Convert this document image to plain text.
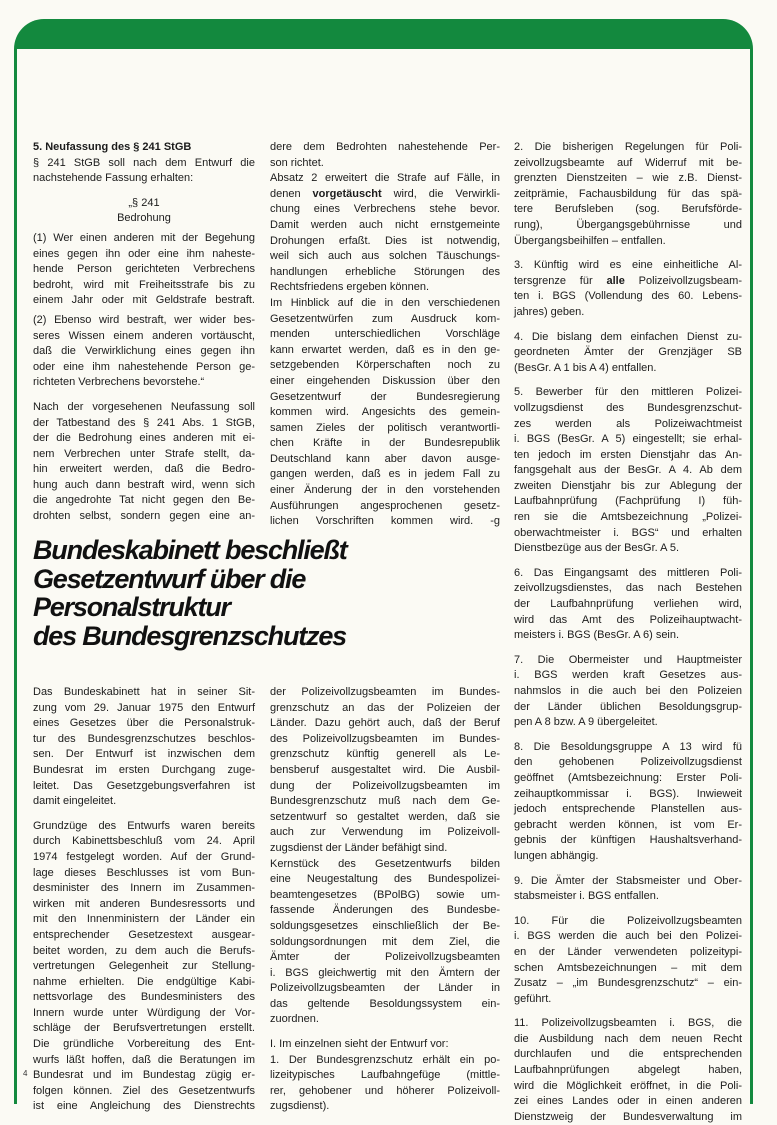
5. Neufassung des § 241 StGB
§ 241 StGB soll nach dem Entwurf die
nachstehende Fassung erhalten:
„§ 241
Bedrohung
(1) Wer einen anderen mit der Begehung
eines gegen ihn oder eine ihm naheste-
hende Person gerichteten Verbrechens
bedroht, wird mit Freiheitsstrafe bis zu
einem Jahr oder mit Geldstrafe bestraft.
(2) Ebenso wird bestraft, wer wider bes-
seres Wissen einem anderen vortäuscht,
daß die Verwirklichung eines gegen ihn
oder eine ihm nahestehende Person ge-
richteten Verbrechens bevorstehe.“
Nach der vorgesehenen Neufassung soll
der Tatbestand des § 241 Abs. 1 StGB,
der die Bedrohung eines anderen mit ei-
nem Verbrechen unter Strafe stellt, da-
hin erweitert werden, daß die Bedro-
hung auch dann bestraft wird, wenn sich
die angedrohte Tat nicht gegen den Be-
drohten selbst, sondern gegen eine an-
dere dem Bedrohten nahestehende Per-
son richtet.
Absatz 2 erweitert die Strafe auf Fälle, in
denen vorgetäuscht wird, die Verwirkli-
chung eines Verbrechens stehe bevor.
Damit werden auch nicht ernstgemeinte
Drohungen erfaßt. Dies ist notwendig,
weil sich auch aus solchen Täuschungs-
handlungen erhebliche Störungen des
Rechtsfriedens ergeben können.
Im Hinblick auf die in den verschiedenen
Gesetzentwürfen zum Ausdruck kom-
menden unterschiedlichen Vorschläge
kann erwartet werden, daß es in den ge-
setzgebenden Körperschaften noch zu
einer eingehenden Diskussion über den
Gesetzentwurf der Bundesregierung
kommen wird. Angesichts des gemein-
samen Zieles der politisch verantwortli-
chen Kräfte in der Bundesrepublik
Deutschland kann aber davon ausge-
gangen werden, daß es in jedem Fall zu
einer Änderung der in den vorstehenden
Ausführungen angesprochenen gesetz-
lichen Vorschriften kommen wird. -g
2. Die bisherigen Regelungen für Poli-
zeivollzugsbeamte auf Widerruf mit be-
grenzten Dienstzeiten – wie z.B. Dienst-
zeitprämie, Fachausbildung für das spä-
tere Berufsleben (sog. Berufsförde-
rung), Übergangsgebührnisse und
Übergangsbeihilfen – entfallen.
3. Künftig wird es eine einheitliche Al-
tersgrenze für alle Polizeivollzugsbeam-
ten i. BGS (Vollendung des 60. Lebens-
jahres) geben.
4. Die bislang dem einfachen Dienst zu-
geordneten Ämter der Grenzjäger SB
(BesGr. A 1 bis A 4) entfallen.
5. Bewerber für den mittleren Polizei-
vollzugsdienst des Bundesgrenzschut-
zes werden als Polizeiwachtmeist
i. BGS (BesGr. A 5) eingestellt; sie erhal-
ten jedoch im ersten Dienstjahr das An-
fangsgehalt aus der BesGr. A 4. Ab dem
zweiten Dienstjahr bis zur Ablegung der
Laufbahnprüfung (Fachprüfung I) füh-
ren sie die Amtsbezeichnung „Polizei-
oberwachtmeister i. BGS“ und erhalten
Dienstbezüge aus der BesGr. A 5.
6. Das Eingangsamt des mittleren Poli-
zeivollzugsdienstes, das nach Bestehen
der Laufbahnprüfung verliehen wird,
wird das Amt des Polizeihauptwacht-
meisters i. BGS (BesGr. A 6) sein.
7. Die Obermeister und Hauptmeister
i. BGS werden kraft Gesetzes aus-
nahmslos in die auch bei den Polizeien
der Länder üblichen Besoldungsgrup-
pen A 8 bzw. A 9 übergeleitet.
8. Die Besoldungsgruppe A 13 wird fü
den gehobenen Polizeivollzugsdienst
geöffnet (Amtsbezeichnung: Erster Poli-
zeihauptkommissar i. BGS). Inwieweit
jedoch entsprechende Planstellen aus-
gebracht werden können, ist vom Er-
gebnis der künftigen Haushaltsverhand-
lungen abhängig.
9. Die Ämter der Stabsmeister und Ober-
stabsmeister i. BGS entfallen.
10. Für die Polizeivollzugsbeamten
i. BGS werden die auch bei den Polizei-
en der Länder verwendeten polizeitypi-
schen Amtsbezeichnungen – mit dem
Zusatz – „im Bundesgrenzschutz“ – ein-
geführt.
11. Polizeivollzugsbeamten i. BGS, die
die Ausbildung nach dem neuen Recht
durchlaufen und die entsprechenden
Laufbahnprüfungen abgelegt haben,
wird die Möglichkeit eröffnet, in die Poli-
zei eines Landes oder in einen anderen
Dienstzweig der Bundesverwaltung im
Bundeskabinett beschließt
Gesetzentwurf über die
Personalstruktur
des Bundesgrenzschutzes
Das Bundeskabinett hat in seiner Sit-
zung vom 29. Januar 1975 den Entwurf
eines Gesetzes über die Personalstruk-
tur des Bundesgrenzschutzes beschlos-
sen. Der Entwurf ist inzwischen dem
Bundesrat im ersten Durchgang zuge-
leitet. Das Gesetzgebungsverfahren ist
damit eingeleitet.
Grundzüge des Entwurfs waren bereits
durch Kabinettsbeschluß vom 24. April
1974 festgelegt worden. Auf der Grund-
lage dieses Beschlusses ist vom Bun-
desminister des Innern im Zusammen-
wirken mit anderen Bundesressorts und
mit den Innenministern der Länder ein
entsprechender Gesetzestext ausgear-
beitet worden, zu dem auch die Berufs-
vertretungen Gelegenheit zur Stellung-
nahme erhielten. Die endgültige Kabi-
nettsvorlage des Bundesministers des
Innern wurde unter Würdigung der Vor-
schläge der Berufsvertretungen erstellt.
Die gründliche Vorbereitung des Ent-
wurfs läßt hoffen, daß die Beratungen im
Bundesrat und im Bundestag zügig er-
folgen können. Ziel des Gesetzentwurfs
ist eine Angleichung des Dienstrechts
der Polizeivollzugsbeamten im Bundes-
grenzschutz an das der Polizeien der
Länder. Dazu gehört auch, daß der Beruf
des Polizeivollzugsbeamten im Bundes-
grenzschutz künftig generell als Le-
bensberuf ausgestaltet wird. Die Ausbil-
dung der Polizeivollzugsbeamten im
Bundesgrenzschutz muß nach dem Ge-
setzentwurf so gestaltet werden, daß sie
auch zur Verwendung im Polizeivoll-
zugsdienst der Länder befähigt sind.
Kernstück des Gesetzentwurfs bilden
eine Neugestaltung des Bundespolizei-
beamtengesetzes (BPolBG) sowie um-
fassende Änderungen des Bundesbe-
soldungsgesetzes einschließlich der Be-
soldungsordnungen mit dem Ziel, die
Ämter der Polizeivollzugsbeamten
i. BGS gleichwertig mit den Ämtern der
Polizeivollzugsbeamten der Länder in
das geltende Besoldungssystem ein-
zuordnen.
I. Im einzelnen sieht der Entwurf vor:
1. Der Bundesgrenzschutz erhält ein po-
lizeitypisches Laufbahngefüge (mittle-
rer, gehobener und höherer Polizeivoll-
zugsdienst).
4
